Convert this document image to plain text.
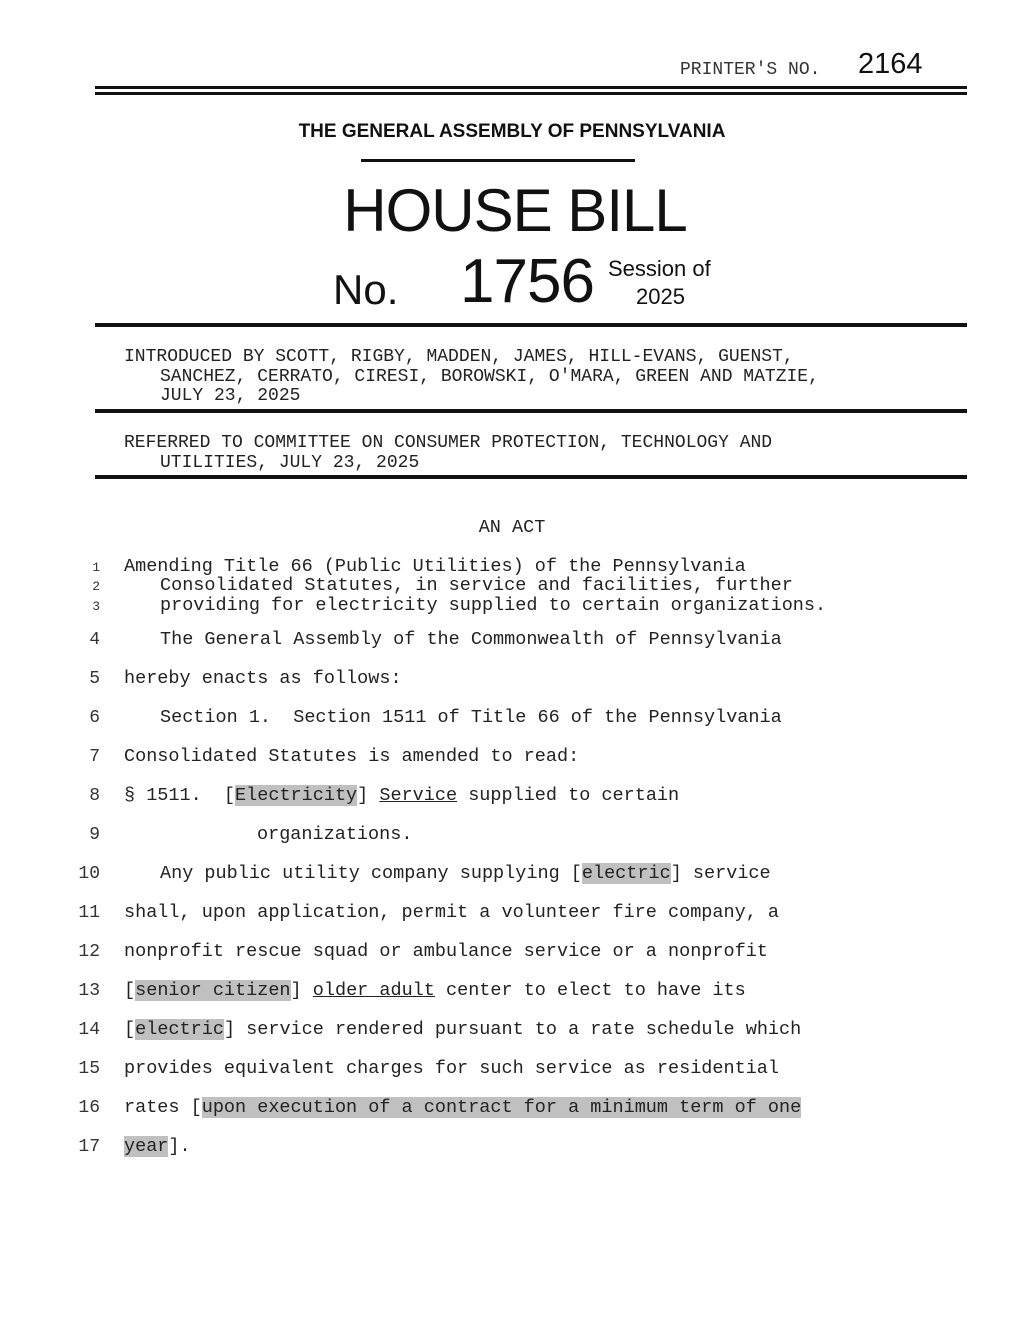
PRINTER'S NO. 2164
THE GENERAL ASSEMBLY OF PENNSYLVANIA
HOUSE BILL
No. 1756 Session of
2025
INTRODUCED BY SCOTT, RIGBY, MADDEN, JAMES, HILL-EVANS, GUENST,
SANCHEZ, CERRATO, CIRESI, BOROWSKI, O'MARA, GREEN AND MATZIE,
JULY 23, 2025
REFERRED TO COMMITTEE ON CONSUMER PROTECTION, TECHNOLOGY AND
UTILITIES, JULY 23, 2025
AN ACT
1 Amending Title 66 (Public Utilities) of the Pennsylvania
2	Consolidated Statutes, in service and facilities, further
3	providing for electricity supplied to certain organizations.
4	The General Assembly of the Commonwealth of Pennsylvania
5 hereby enacts as follows:
6	Section 1.  Section 1511 of Title 66 of the Pennsylvania
7 Consolidated Statutes is amended to read:
8 § 1511.  [Electricity] Service supplied to certain
9	organizations.
10	Any public utility company supplying [electric] service
11 shall, upon application, permit a volunteer fire company, a
12 nonprofit rescue squad or ambulance service or a nonprofit
13 [senior citizen] older adult center to elect to have its
14 [electric] service rendered pursuant to a rate schedule which
15 provides equivalent charges for such service as residential
16 rates [upon execution of a contract for a minimum term of one
17 year].
